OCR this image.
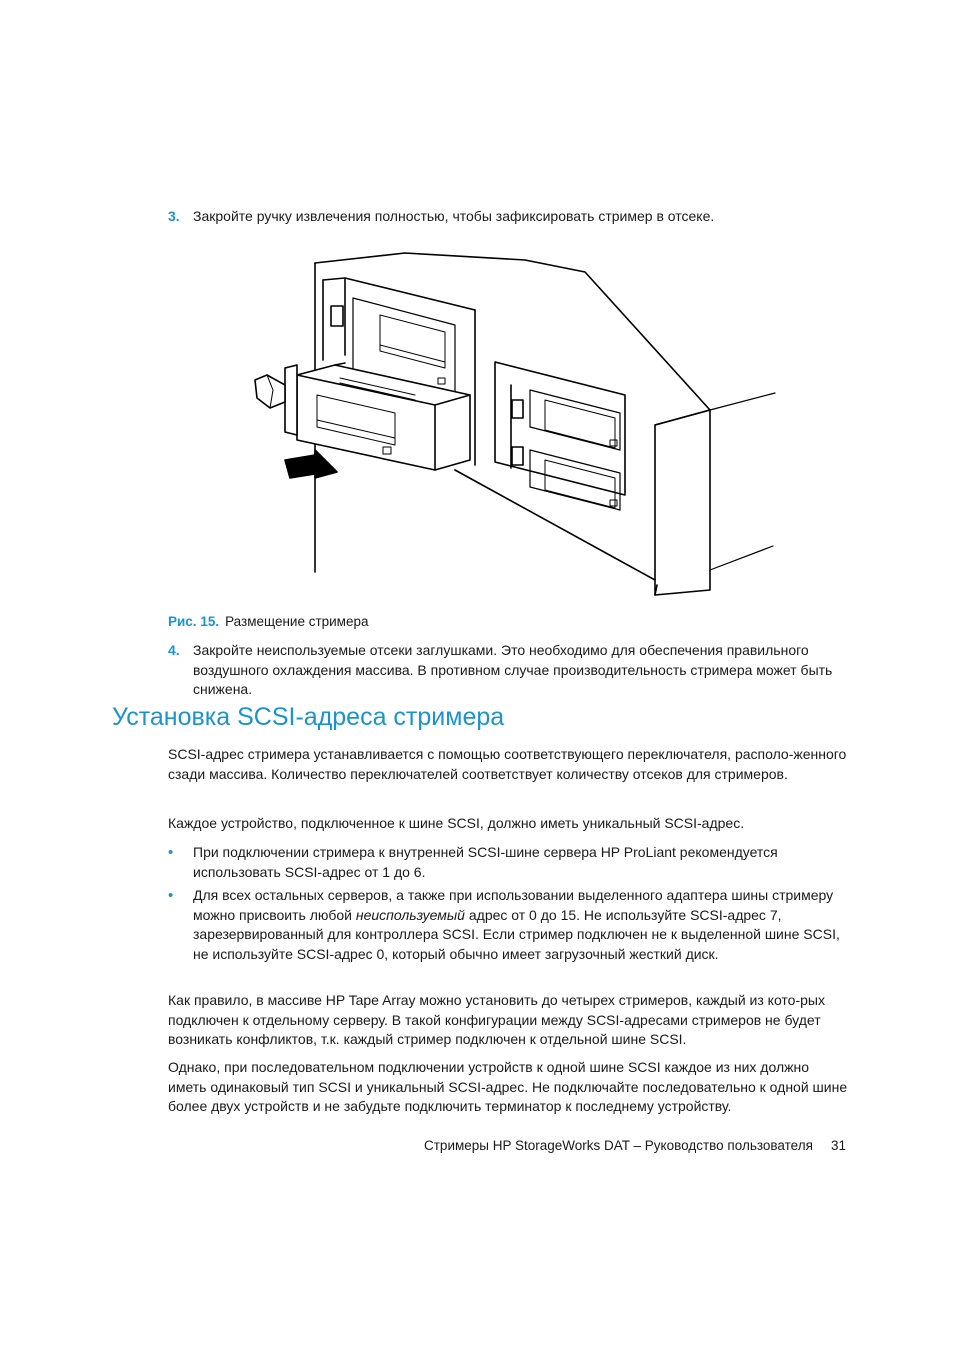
3. Закройте ручку извлечения полностью, чтобы зафиксировать стример в отсеке.
Рис. 15. Размещение стримера
4. Закройте неиспользуемые отсеки заглушками. Это необходимо для обеспечения правильного воздушного охлаждения массива. В противном случае производительность стримера может быть снижена.
Установка SCSI-адреса стримера

SCSI-адрес стримера устанавливается с помощью соответствующего переключателя, располо-женного сзади массива. Количество переключателей соответствует количеству отсеков для стримеров.

Каждое устройство, подключенное к шине SCSI, должно иметь уникальный SCSI-адрес.

• При подключении стримера к внутренней SCSI-шине сервера HP ProLiant рекомендуется использовать SCSI-адрес от 1 до 6.
• Для всех остальных серверов, а также при использовании выделенного адаптера шины стримеру можно присвоить любой неиспользуемый адрес от 0 до 15. Не используйте SCSI-адрес 7, зарезервированный для контроллера SCSI. Если стример подключен не к выделенной шине SCSI, не используйте SCSI-адрес 0, который обычно имеет загрузочный жесткий диск.

Как правило, в массиве HP Tape Array можно установить до четырех стримеров, каждый из кото-рых подключен к отдельному серверу. В такой конфигурации между SCSI-адресами стримеров не будет возникать конфликтов, т.к. каждый стример подключен к отдельной шине SCSI.

Однако, при последовательном подключении устройств к одной шине SCSI каждое из них должно иметь одинаковый тип SCSI и уникальный SCSI-адрес. Не подключайте последовательно к одной шине более двух устройств и не забудьте подключить терминатор к последнему устройству.

Стримеры HP StorageWorks DAT – Руководство пользователя 31
